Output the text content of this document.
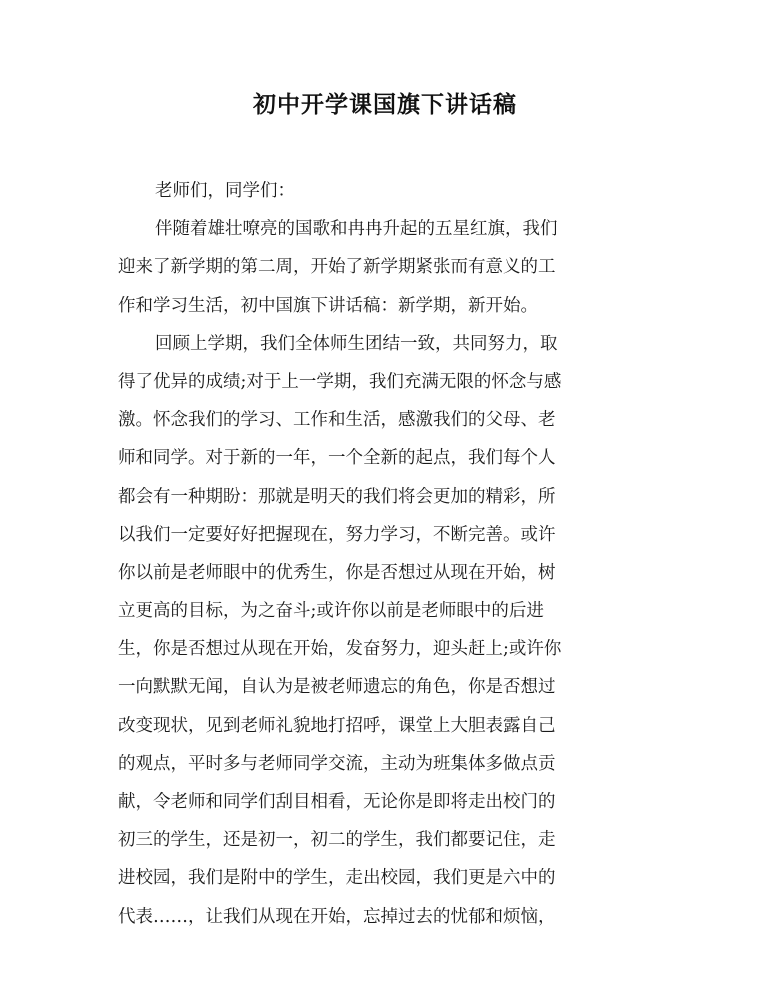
初中开学课国旗下讲话稿
老师们，同学们：
伴随着雄壮嘹亮的国歌和冉冉升起的五星红旗，我们
迎来了新学期的第二周，开始了新学期紧张而有意义的工
作和学习生活，初中国旗下讲话稿：新学期，新开始。
回顾上学期，我们全体师生团结一致，共同努力，取
得了优异的成绩;对于上一学期，我们充满无限的怀念与感
激。怀念我们的学习、工作和生活，感激我们的父母、老
师和同学。对于新的一年，一个全新的起点，我们每个人
都会有一种期盼：那就是明天的我们将会更加的精彩，所
以我们一定要好好把握现在，努力学习，不断完善。或许
你以前是老师眼中的优秀生，你是否想过从现在开始，树
立更高的目标，为之奋斗;或许你以前是老师眼中的后进
生，你是否想过从现在开始，发奋努力，迎头赶上;或许你
一向默默无闻，自认为是被老师遗忘的角色，你是否想过
改变现状，见到老师礼貌地打招呼，课堂上大胆表露自己
的观点，平时多与老师同学交流，主动为班集体多做点贡
献，令老师和同学们刮目相看，无论你是即将走出校门的
初三的学生，还是初一，初二的学生，我们都要记住，走
进校园，我们是附中的学生，走出校园，我们更是六中的
代表……，让我们从现在开始，忘掉过去的忧郁和烦恼，
